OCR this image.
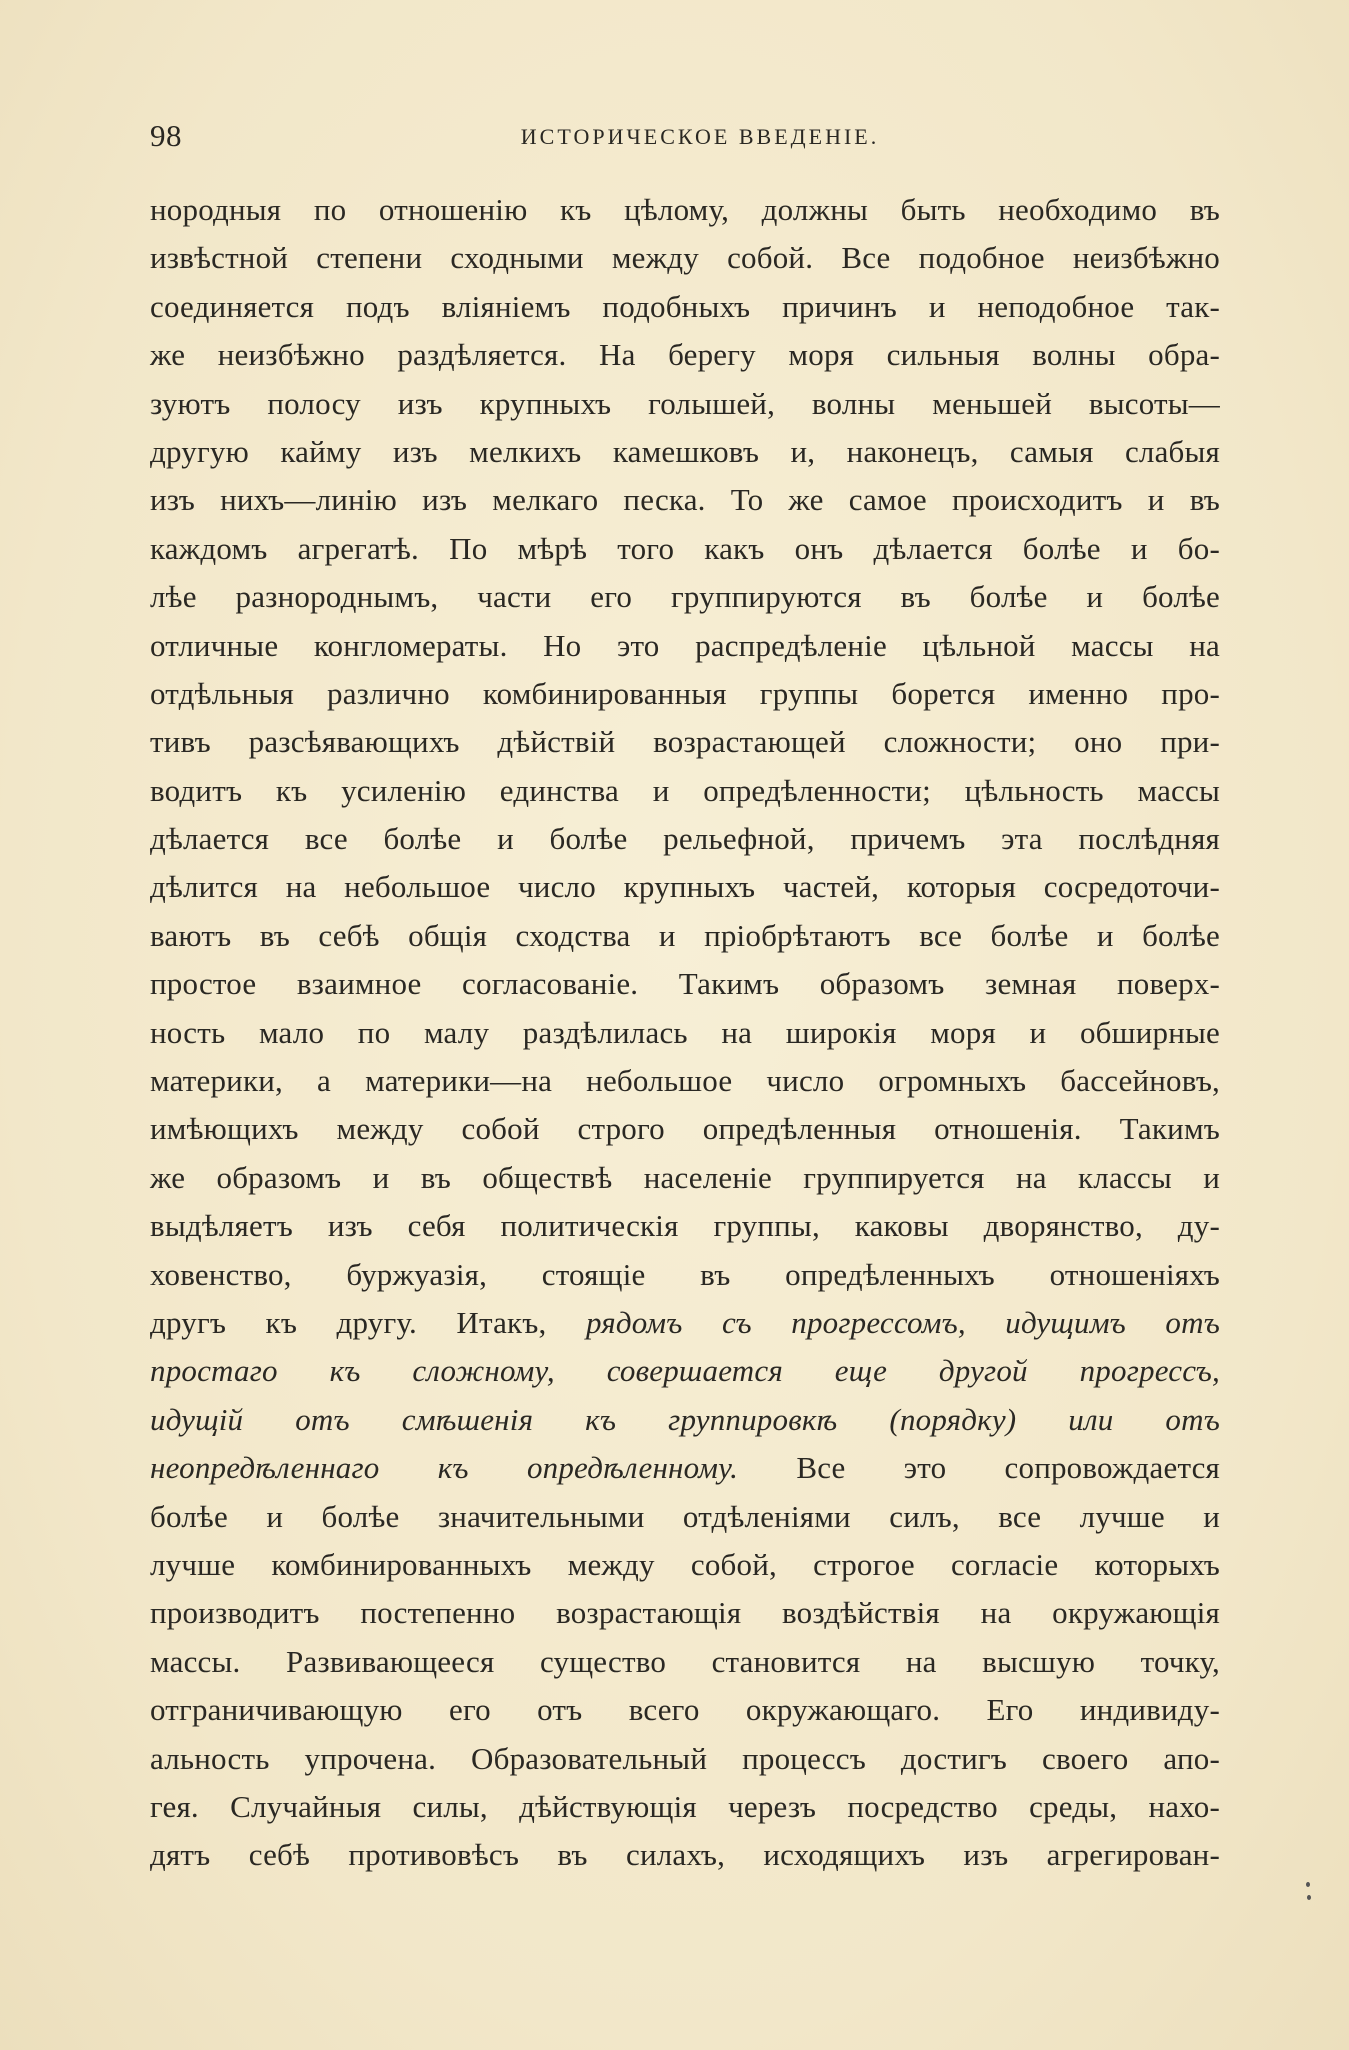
98	ИСТОРИЧЕСКОЕ ВВЕДЕНІЕ.
нородныя по отношенію къ цѣлому, должны быть необходимо въ
извѣстной степени сходными между собой. Все подобное неизбѣжно
соединяется подъ вліяніемъ подобныхъ причинъ и неподобное так-
же неизбѣжно раздѣляется. На берегу моря сильныя волны обра-
зуютъ полосу изъ крупныхъ голышей, волны меньшей высоты—
другую кайму изъ мелкихъ камешковъ и, наконецъ, самыя слабыя
изъ нихъ—линію изъ мелкаго песка. То же самое происходитъ и въ
каждомъ агрегатѣ. По мѣрѣ того какъ онъ дѣлается болѣе и бо-
лѣе разнороднымъ, части его группируются въ болѣе и болѣе
отличные конгломераты. Но это распредѣленіе цѣльной массы на
отдѣльныя различно комбинированныя группы борется именно про-
тивъ разсѣявающихъ дѣйствій возрастающей сложности; оно при-
водитъ къ усиленію единства и опредѣленности; цѣльность массы
дѣлается все болѣе и болѣе рельефной, причемъ эта послѣдняя
дѣлится на небольшое число крупныхъ частей, которыя сосредоточи-
ваютъ въ себѣ общія сходства и пріобрѣтаютъ все болѣе и болѣе
простое взаимное согласованіе. Такимъ образомъ земная поверх-
ность мало по малу раздѣлилась на широкія моря и обширные
материки, а материки—на небольшое число огромныхъ бассейновъ,
имѣющихъ между собой строго опредѣленныя отношенія. Такимъ
же образомъ и въ обществѣ населеніе группируется на классы и
выдѣляетъ изъ себя политическія группы, каковы дворянство, ду-
ховенство, буржуазія, стоящіе въ опредѣленныхъ отношеніяхъ
другъ къ другу. Итакъ, рядомъ съ прогрессомъ, идущимъ отъ
простаго къ сложному, совершается еще другой прогрессъ,
идущій отъ смѣшенія къ группировкѣ (порядку) или отъ
неопредѣленнаго къ опредѣленному. Все это сопровождается
болѣе и болѣе значительными отдѣленіями силъ, все лучше и
лучше комбинированныхъ между собой, строгое согласіе которыхъ
производитъ постепенно возрастающія воздѣйствія на окружающія
массы. Развивающееся существо становится на высшую точку,
отграничивающую его отъ всего окружающаго. Его индивиду-
альность упрочена. Образовательный процессъ достигъ своего апо-
гея. Случайныя силы, дѣйствующія черезъ посредство среды, нахо-
дятъ себѣ противовѣсъ въ силахъ, исходящихъ изъ агрегирован-
